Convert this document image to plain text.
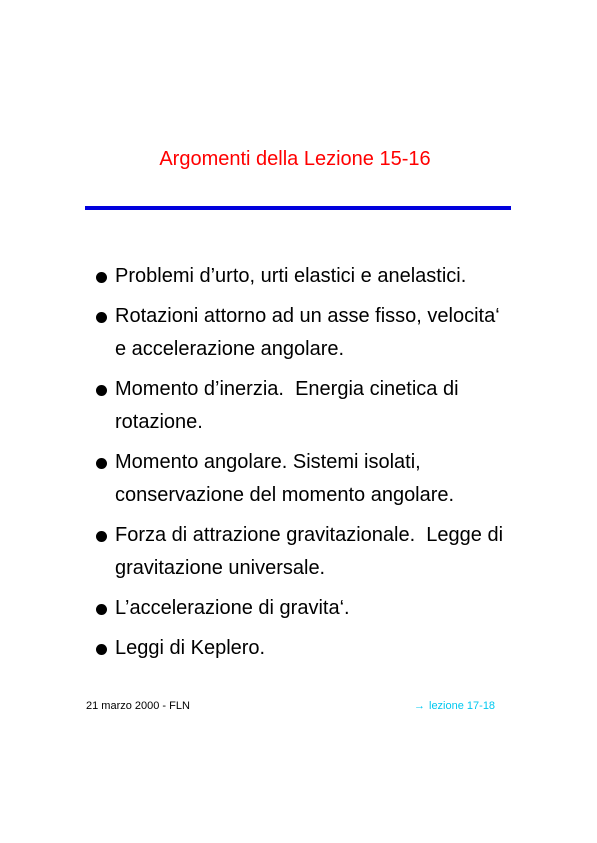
Argomenti della Lezione 15-16
Problemi d’urto, urti elastici e anelastici.
Rotazioni attorno ad un asse fisso, velocita‘
e accelerazione angolare.
Momento d’inerzia.  Energia cinetica di
rotazione.
Momento angolare. Sistemi isolati,
conservazione del momento angolare.
Forza di attrazione gravitazionale.  Legge di
gravitazione universale.
L’accelerazione di gravita‘.
Leggi di Keplero.
21 marzo 2000 - FLN	→ lezione 17-18
